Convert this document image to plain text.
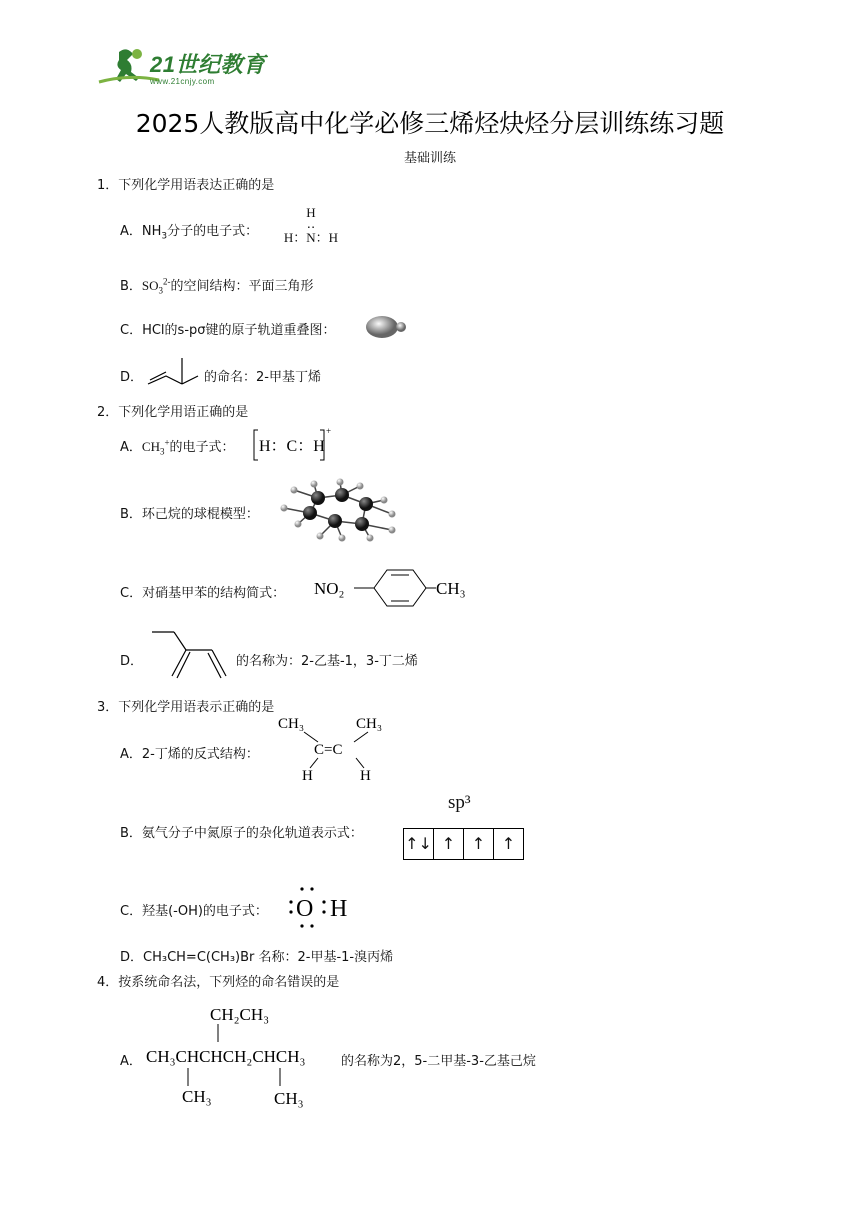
21世纪教育
www.21cnjy.com
2025人教版高中化学必修三烯烃炔烃分层训练练习题
基础训练
1．下列化学用语表达正确的是
A．$NH_3$分子的电子式：
H
‥
H：N：H
B．$SO_3^{2-}$的空间结构：平面三角形
C．HCl的s-pσ键的原子轨道重叠图：
D．	的命名：2-甲基丁烯
2．下列化学用语正确的是
A．$CH_3^+$的电子式： H：C：H
+
B．环己烷的球棍模型：
C．对硝基甲苯的结构简式： NO₂	CH₃
D．	的名称为：2-乙基-1，3-丁二烯
3．下列化学用语表示正确的是
A．2-丁烯的反式结构：
CH₃	CH₃
C=C
H	H
B．氨气分子中氮原子的杂化轨道表示式：
sp³
↑↓ ↑	↑	↑
C．羟基(-OH)的电子式： O H
D．CH₃CH=C(CH₃)Br 名称：2-甲基-1-溴丙烯
4．按系统命名法，下列烃的命名错误的是
A．
CH₂CH₃
CH₃CHCHCH₂CHCH₃
CH₃	CH₃
的名称为2，5-二甲基-3-乙基己烷
